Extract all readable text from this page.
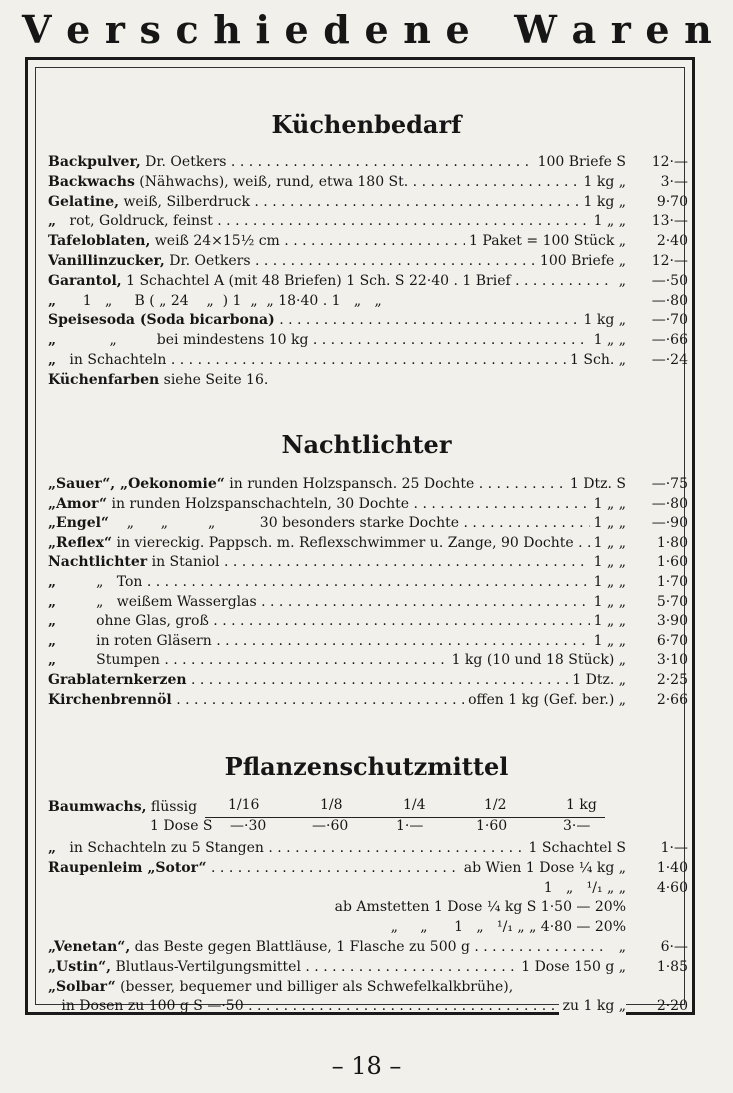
V e r s c h i e d e n e W a r e n
Küchenbedarf
Backpulver, Dr. Oetkers . . .	100 Briefe S	12·—
Backwachs (Nähwachs), weiß, rund, etwa 180 St. . . .	1 kg „	3·—
Gelatine, weiß, Silberdruck . . .	1 kg „	9·70
„   rot, Goldruck, feinst . . .	1 „ „	13·—
Tafeloblaten, weiß 24×15½ cm . . .	1 Paket = 100 Stück „	2·40
Vanillinzucker, Dr. Oetkers . . .	100 Briefe „	12·—
Garantol, 1 Schachtel A (mit 48 Briefen) 1 Sch. S 22·40 . 1 Brief . . .	„	—·50
„      1   „     B ( „ 24    „  ) 1  „  „ 18·40 . 1   „   „	—·80
Speisesoda (Soda bicarbona) . . .	1 kg „	—·70
„            „         bei mindestens 10 kg . . .	1 „ „	—·66
„   in Schachteln . . .	1 Sch. „	—·24
Küchenfarben siehe Seite 16.
Nachtlichter
„Sauer“, „Oekonomie“ in runden Holzspansch. 25 Dochte . . .	1 Dtz. S	—·75
„Amor“ in runden Holzspanschachteln, 30 Dochte . . .	1 „ „	—·80
„Engel“    „      „         „          30 besonders starke Dochte . . .	1 „ „	—·90
„Reflex“ in viereckig. Pappsch. m. Reflexschwimmer u. Zange, 90 Dochte . . .	1 „ „	1·80
Nachtlichter in Staniol . . .	1 „ „	1·60
„         „   Ton . . .	1 „ „	1·70
„         „   weißem Wasserglas . . .	1 „ „	5·70
„         ohne Glas, groß . . .	1 „ „	3·90
„         in roten Gläsern . . .	1 „ „	6·70
„         Stumpen . . .	1 kg (10 und 18 Stück) „	3·10
Grablaternkerzen . . .	1 Dtz. „	2·25
Kirchenbrennöl . . .	offen 1 kg (Gef. ber.) „	2·66
Pflanzenschutzmittel
Baumwachs, flüssig 1/16	1/8	1/4	1/2	1 kg
1 Dose S —·30	—·60	1·—	1·60	3·—
„   in Schachteln zu 5 Stangen . . .	1 Schachtel S	1·—
Raupenleim „Sotor“ . . .	ab Wien 1 Dose ¼ kg „	1·40
1   „   ¹/₁ „ „	4·60
ab Amstetten 1 Dose ¼ kg S 1·50 — 20%
„     „      1   „   ¹/₁ „ „ 4·80 — 20%
„Venetan“, das Beste gegen Blattläuse, 1 Flasche zu 500 g . . .	„	6·—
„Ustin“, Blutlaus-Vertilgungsmittel . . .	1 Dose 150 g „	1·85
„Solbar“ (besser, bequemer und billiger als Schwefelkalkbrühe),
in Dosen zu 100 g S —·50 . . .	zu 1 kg „	2·20
– 18 –
